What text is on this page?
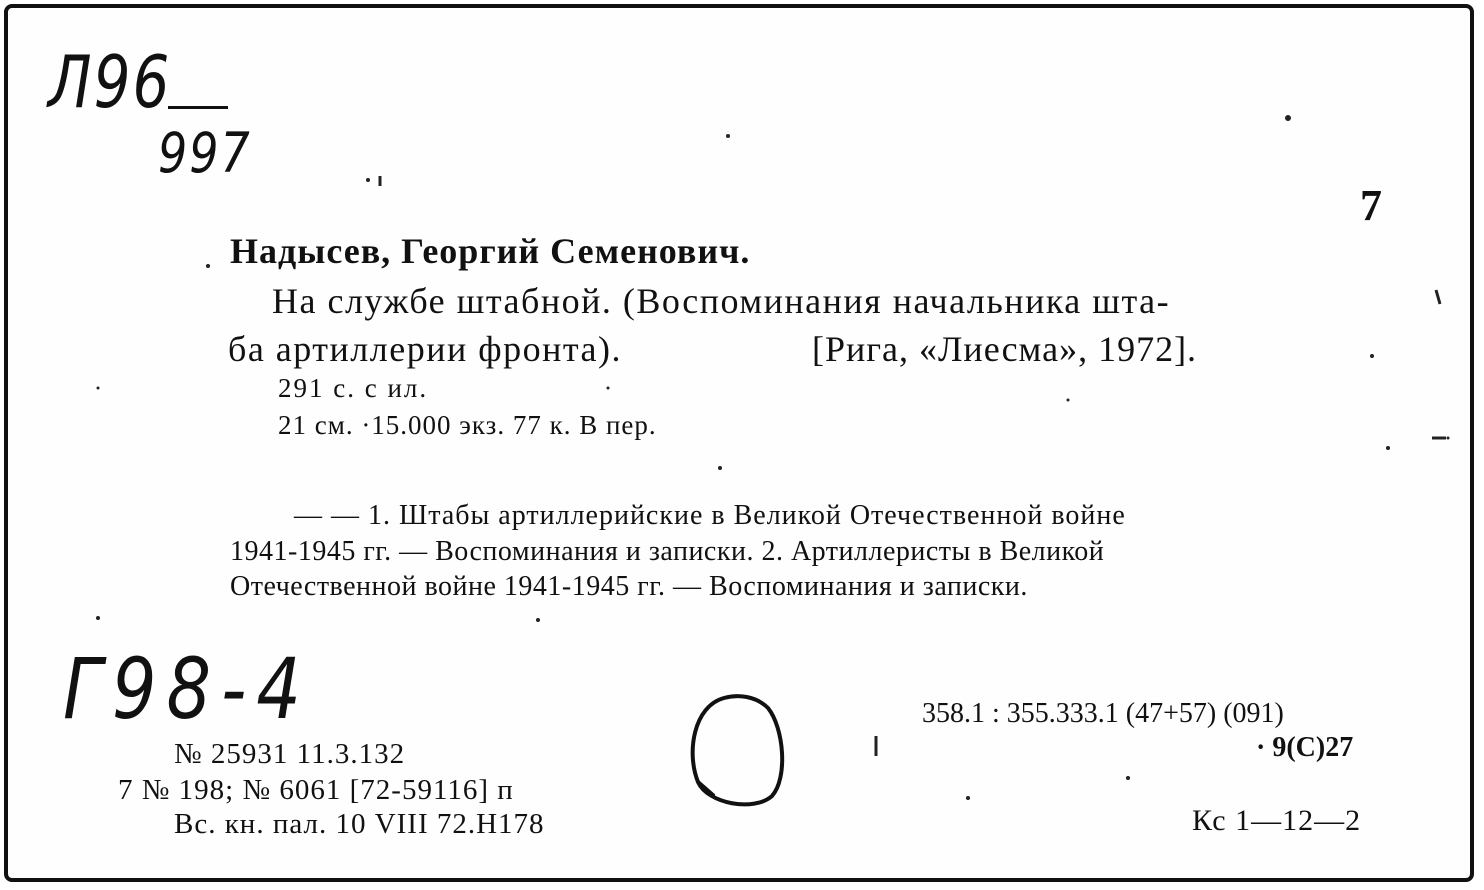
Л96
997
7
Надысев, Георгий Семенович.
На службе штабной. (Воспоминания начальника шта-
ба артиллерии фронта).	[Рига, «Лиесма», 1972].
291 с. с ил.
21 см. ·15.000 экз. 77 к. В пер.
— — 1. Штабы артиллерийские в Великой Отечественной войне
1941-1945 гг. — Воспоминания и записки. 2. Артиллеристы в Великой
Отечественной войне 1941-1945 гг. — Воспоминания и записки.
Г98-4	358.1 : 355.333.1 (47+57) (091)
· 9(С)27
№ 25931 11.3.132
7 № 198; № 6061 [72-59116] п
Вс. кн. пал. 10 VIII 72.Н178	Кс 1—12—2
